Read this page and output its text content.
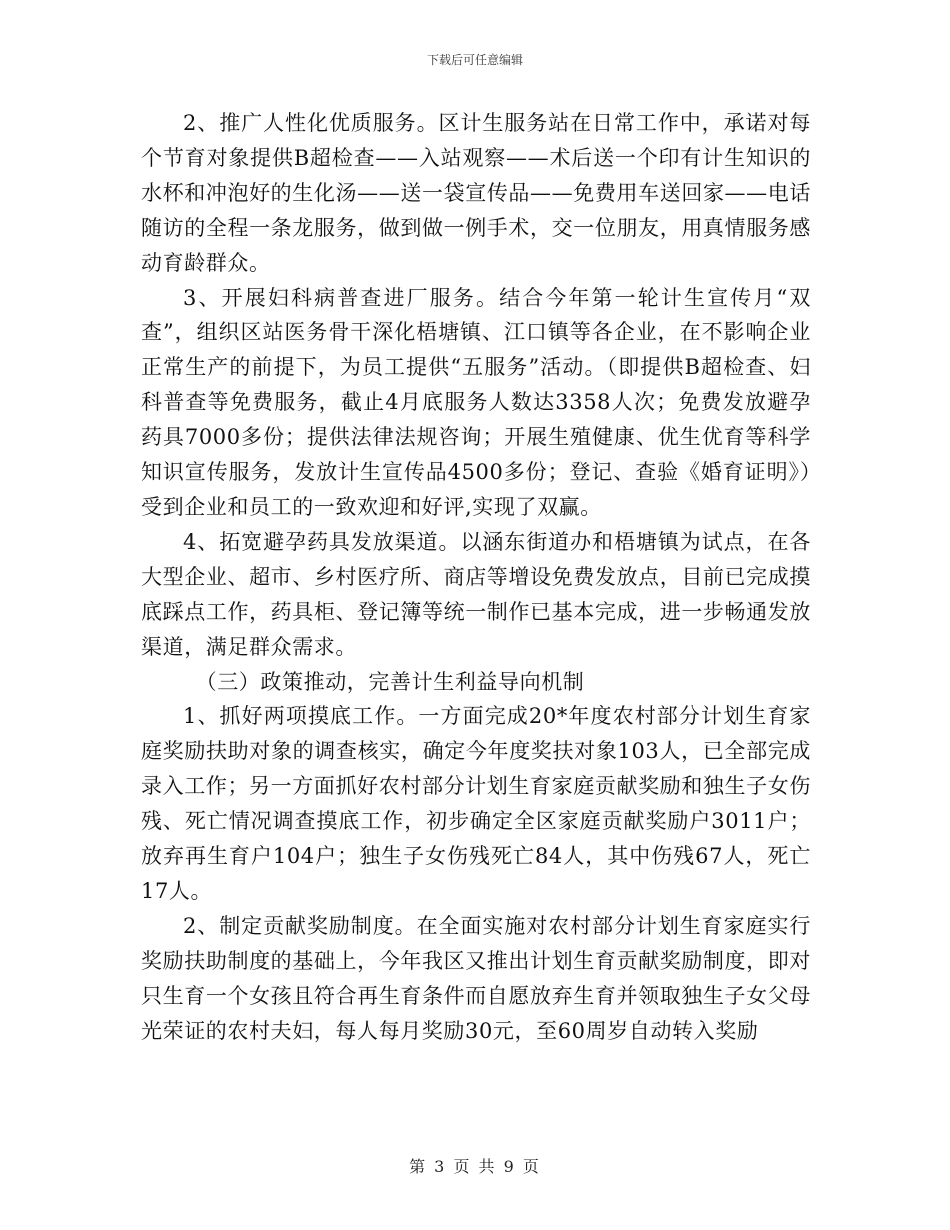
下载后可任意编辑

2、推广人性化优质服务。区计生服务站在日常工作中，承诺对每个节育对象提供B超检查——入站观察——术后送一个印有计生知识的水杯和冲泡好的生化汤——送一袋宣传品——免费用车送回家——电话随访的全程一条龙服务，做到做一例手术，交一位朋友，用真情服务感动育龄群众。

3、开展妇科病普查进厂服务。结合今年第一轮计生宣传月“双查”，组织区站医务骨干深化梧塘镇、江口镇等各企业，在不影响企业正常生产的前提下，为员工提供“五服务”活动。（即提供B超检查、妇科普查等免费服务，截止4月底服务人数达3358人次；免费发放避孕药具7000多份；提供法律法规咨询；开展生殖健康、优生优育等科学知识宣传服务，发放计生宣传品4500多份；登记、查验《婚育证明》）受到企业和员工的一致欢迎和好评,实现了双赢。

4、拓宽避孕药具发放渠道。以涵东街道办和梧塘镇为试点，在各大型企业、超市、乡村医疗所、商店等增设免费发放点，目前已完成摸底踩点工作，药具柜、登记簿等统一制作已基本完成，进一步畅通发放渠道，满足群众需求。

（三）政策推动，完善计生利益导向机制

1、抓好两项摸底工作。一方面完成20*年度农村部分计划生育家庭奖励扶助对象的调查核实，确定今年度奖扶对象103人，已全部完成录入工作；另一方面抓好农村部分计划生育家庭贡献奖励和独生子女伤残、死亡情况调查摸底工作，初步确定全区家庭贡献奖励户3011户；放弃再生育户104户；独生子女伤残死亡84人，其中伤残67人，死亡17人。

2、制定贡献奖励制度。在全面实施对农村部分计划生育家庭实行奖励扶助制度的基础上，今年我区又推出计划生育贡献奖励制度，即对只生育一个女孩且符合再生育条件而自愿放弃生育并领取独生子女父母光荣证的农村夫妇，每人每月奖励30元，至60周岁自动转入奖励

第 3 页 共 9 页
